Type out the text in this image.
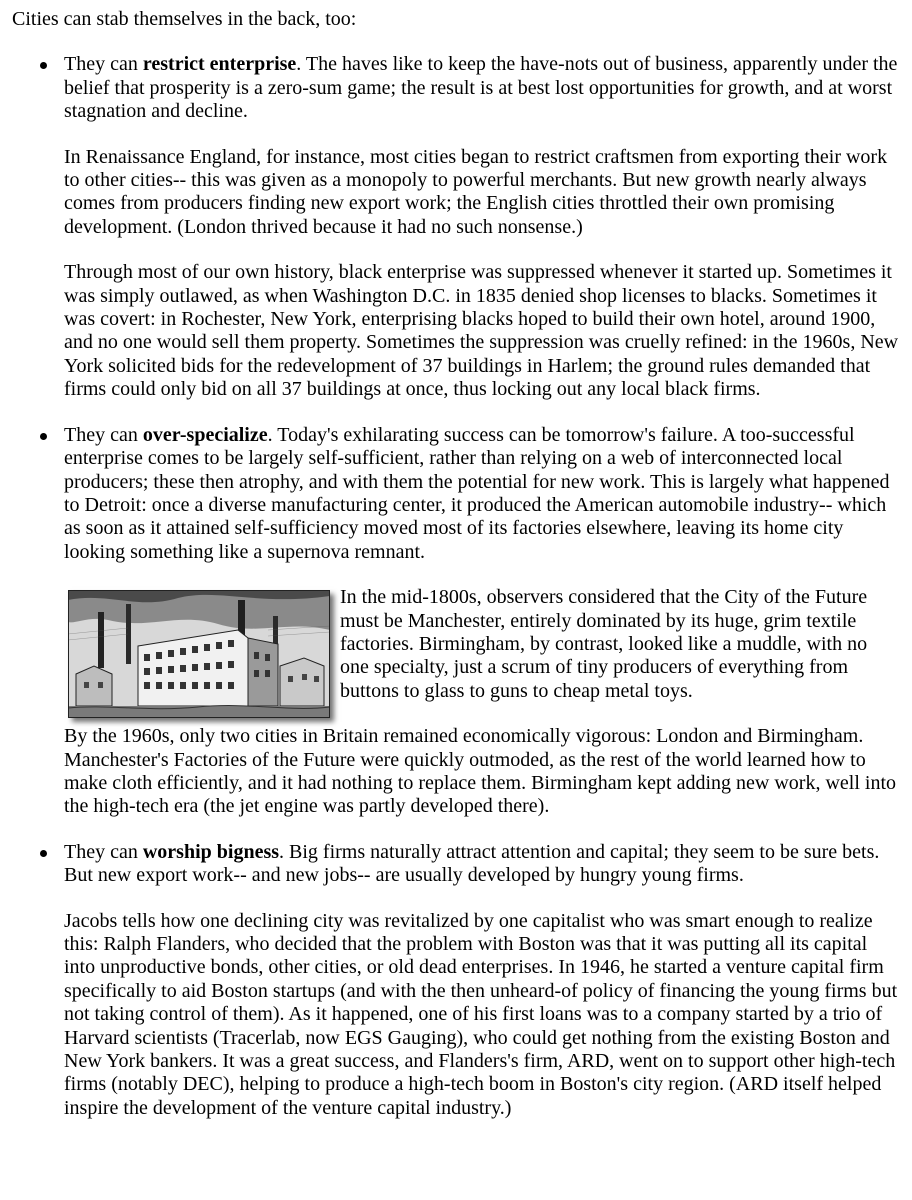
Cities can stab themselves in the back, too:

They can restrict enterprise. The haves like to keep the have-nots out of business, apparently under the belief that prosperity is a zero-sum game; the result is at best lost opportunities for growth, and at worst stagnation and decline.

In Renaissance England, for instance, most cities began to restrict craftsmen from exporting their work to other cities-- this was given as a monopoly to powerful merchants. But new growth nearly always comes from producers finding new export work; the English cities throttled their own promising development. (London thrived because it had no such nonsense.)

Through most of our own history, black enterprise was suppressed whenever it started up. Sometimes it was simply outlawed, as when Washington D.C. in 1835 denied shop licenses to blacks. Sometimes it was covert: in Rochester, New York, enterprising blacks hoped to build their own hotel, around 1900, and no one would sell them property. Sometimes the suppression was cruelly refined: in the 1960s, New York solicited bids for the redevelopment of 37 buildings in Harlem; the ground rules demanded that firms could only bid on all 37 buildings at once, thus locking out any local black firms.

They can over-specialize. Today's exhilarating success can be tomorrow's failure. A too-successful enterprise comes to be largely self-sufficient, rather than relying on a web of interconnected local producers; these then atrophy, and with them the potential for new work. This is largely what happened to Detroit: once a diverse manufacturing center, it produced the American automobile industry-- which as soon as it attained self-sufficiency moved most of its factories elsewhere, leaving its home city looking something like a supernova remnant.

In the mid-1800s, observers considered that the City of the Future must be Manchester, entirely dominated by its huge, grim textile factories. Birmingham, by contrast, looked like a muddle, with no one specialty, just a scrum of tiny producers of everything from buttons to glass to guns to cheap metal toys.

By the 1960s, only two cities in Britain remained economically vigorous: London and Birmingham. Manchester's Factories of the Future were quickly outmoded, as the rest of the world learned how to make cloth efficiently, and it had nothing to replace them. Birmingham kept adding new work, well into the high-tech era (the jet engine was partly developed there).

They can worship bigness. Big firms naturally attract attention and capital; they seem to be sure bets. But new export work-- and new jobs-- are usually developed by hungry young firms.

Jacobs tells how one declining city was revitalized by one capitalist who was smart enough to realize this: Ralph Flanders, who decided that the problem with Boston was that it was putting all its capital into unproductive bonds, other cities, or old dead enterprises. In 1946, he started a venture capital firm specifically to aid Boston startups (and with the then unheard-of policy of financing the young firms but not taking control of them). As it happened, one of his first loans was to a company started by a trio of Harvard scientists (Tracerlab, now EGS Gauging), who could get nothing from the existing Boston and New York bankers. It was a great success, and Flanders's firm, ARD, went on to support other high-tech firms (notably DEC), helping to produce a high-tech boom in Boston's city region. (ARD itself helped inspire the development of the venture capital industry.)
